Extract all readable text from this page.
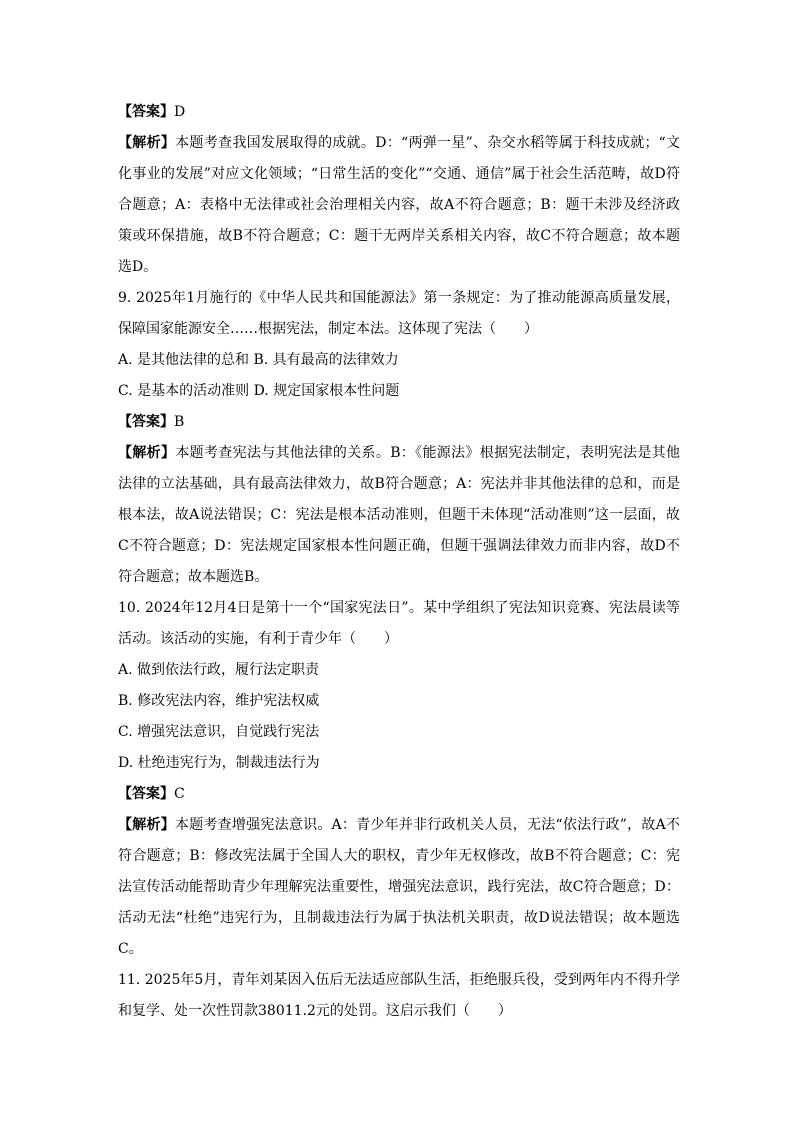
【答案】D
【解析】本题考查我国发展取得的成就。D：“两弹一星”、杂交水稻等属于科技成就；“文化事业的发展”对应文化领域；“日常生活的变化”“交通、通信”属于社会生活范畴，故D符合题意；A：表格中无法律或社会治理相关内容，故A不符合题意；B：题干未涉及经济政策或环保措施，故B不符合题意；C：题干无两岸关系相关内容，故C不符合题意；故本题选D。
9. 2025年1月施行的《中华人民共和国能源法》第一条规定：为了推动能源高质量发展，保障国家能源安全……根据宪法，制定本法。这体现了宪法（　　）
A. 是其他法律的总和 B. 具有最高的法律效力
C. 是基本的活动准则 D. 规定国家根本性问题
【答案】B
【解析】本题考查宪法与其他法律的关系。B：《能源法》根据宪法制定，表明宪法是其他法律的立法基础，具有最高法律效力，故B符合题意；A：宪法并非其他法律的总和，而是根本法，故A说法错误；C：宪法是根本活动准则，但题干未体现“活动准则”这一层面，故C不符合题意；D：宪法规定国家根本性问题正确，但题干强调法律效力而非内容，故D不符合题意；故本题选B。
10. 2024年12月4日是第十一个“国家宪法日”。某中学组织了宪法知识竞赛、宪法晨读等活动。该活动的实施，有利于青少年（　　）
A. 做到依法行政，履行法定职责
B. 修改宪法内容，维护宪法权威
C. 增强宪法意识，自觉践行宪法
D. 杜绝违宪行为，制裁违法行为
【答案】C
【解析】本题考查增强宪法意识。A：青少年并非行政机关人员，无法“依法行政”，故A不符合题意；B：修改宪法属于全国人大的职权，青少年无权修改，故B不符合题意；C：宪法宣传活动能帮助青少年理解宪法重要性，增强宪法意识，践行宪法，故C符合题意；D：活动无法“杜绝”违宪行为，且制裁违法行为属于执法机关职责，故D说法错误；故本题选C。
11. 2025年5月，青年刘某因入伍后无法适应部队生活，拒绝服兵役，受到两年内不得升学和复学、处一次性罚款38011.2元的处罚。这启示我们（　　）
